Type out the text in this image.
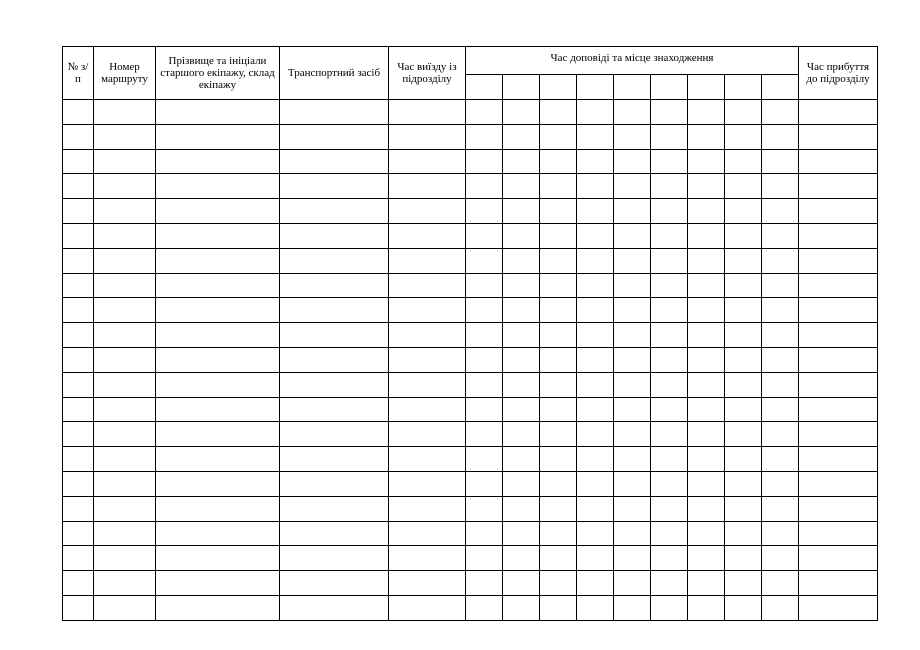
№ з/п	Номер маршруту	Прізвище та ініціали старшого екіпажу, склад екіпажу	Транспортний засіб	Час виїзду із підрозділу	Час доповіді та місце знаходження									Час прибуття до підрозділу
